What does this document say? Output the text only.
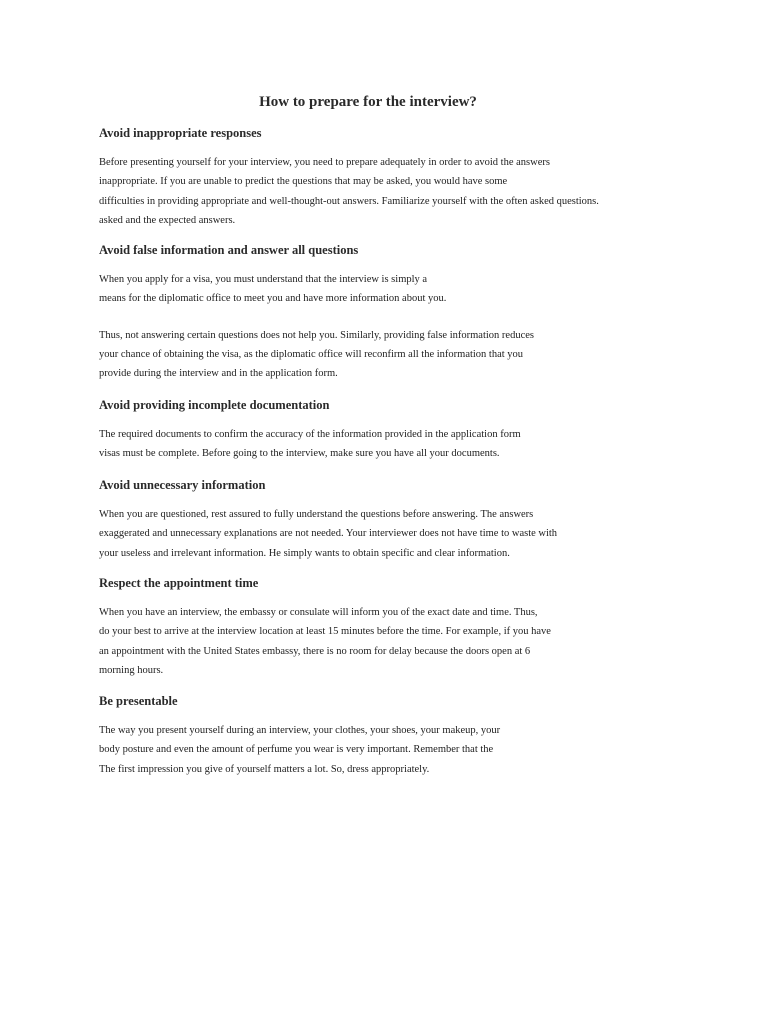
How to prepare for the interview?
Avoid inappropriate responses

Before presenting yourself for your interview, you need to prepare adequately in order to avoid the answers

inappropriate. If you are unable to predict the questions that may be asked, you would have some

difficulties in providing appropriate and well-thought-out answers. Familiarize yourself with the often asked questions.

asked and the expected answers.

Avoid false information and answer all questions

When you apply for a visa, you must understand that the interview is simply a

means for the diplomatic office to meet you and have more information about you.

Thus, not answering certain questions does not help you. Similarly, providing false information reduces

your chance of obtaining the visa, as the diplomatic office will reconfirm all the information that you

provide during the interview and in the application form.

Avoid providing incomplete documentation

The required documents to confirm the accuracy of the information provided in the application form

visas must be complete. Before going to the interview, make sure you have all your documents.

Avoid unnecessary information

When you are questioned, rest assured to fully understand the questions before answering. The answers

exaggerated and unnecessary explanations are not needed. Your interviewer does not have time to waste with

your useless and irrelevant information. He simply wants to obtain specific and clear information.

Respect the appointment time

When you have an interview, the embassy or consulate will inform you of the exact date and time. Thus,

do your best to arrive at the interview location at least 15 minutes before the time. For example, if you have

an appointment with the United States embassy, there is no room for delay because the doors open at 6

morning hours.

Be presentable

The way you present yourself during an interview, your clothes, your shoes, your makeup, your

body posture and even the amount of perfume you wear is very important. Remember that the

The first impression you give of yourself matters a lot. So, dress appropriately.
